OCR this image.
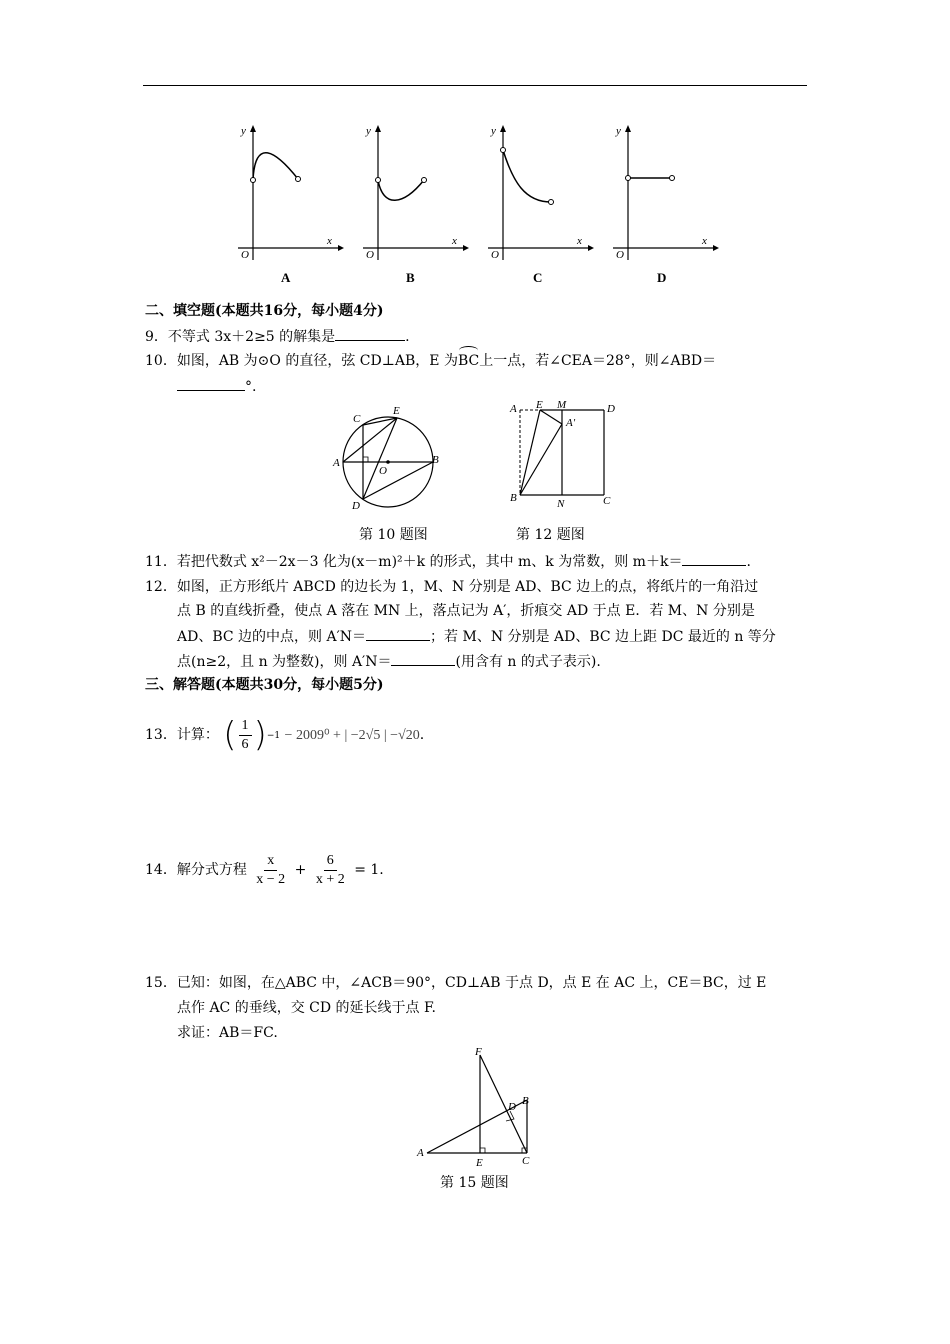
y
x
O
A
y
x
O
B
y
x
O
C
y
x
O
D
二、填空题(本题共16分，每小题4分)
9．不等式 3x＋2≥5 的解集是	.
10．如图，AB 为⊙O 的直径，弦 CD⊥AB，E 为BC上一点，若∠CEA＝28°，则∠ABD＝
°.
C
E
A	B
O
D
第 10 题图
A E M	D
A′
B	N	C
第 12 题图
11．若把代数式 x²－2x－3 化为(x－m)²＋k 的形式，其中 m、k 为常数，则 m＋k＝	.
12．如图，正方形纸片 ABCD 的边长为 1，M、N 分别是 AD、BC 边上的点，将纸片的一角沿过
点 B 的直线折叠，使点 A 落在 MN 上，落点记为 A′，折痕交 AD 于点 E．若 M、N 分别是
AD、BC 边的中点，则 A′N＝	；若 M、N 分别是 AD、BC 边上距 DC 最近的 n 等分
点(n≥2，且 n 为整数)，则 A′N＝	(用含有 n 的式子表示).
三、解答题(本题共30分，每小题5分)
13．计算： ( $\frac{1}{6}$ ) −1 − 2009⁰ + | −2√5 | −√20.
14．解分式方程 $\frac{x}{x - 2} + \frac{6}{x + 2} = 1$.
15．已知：如图，在△ABC 中，∠ACB＝90°，CD⊥AB 于点 D，点 E 在 AC 上，CE＝BC，过 E
点作 AC 的垂线，交 CD 的延长线于点 F.
求证：AB＝FC.
F
D B
A
E	C
第 15 题图
